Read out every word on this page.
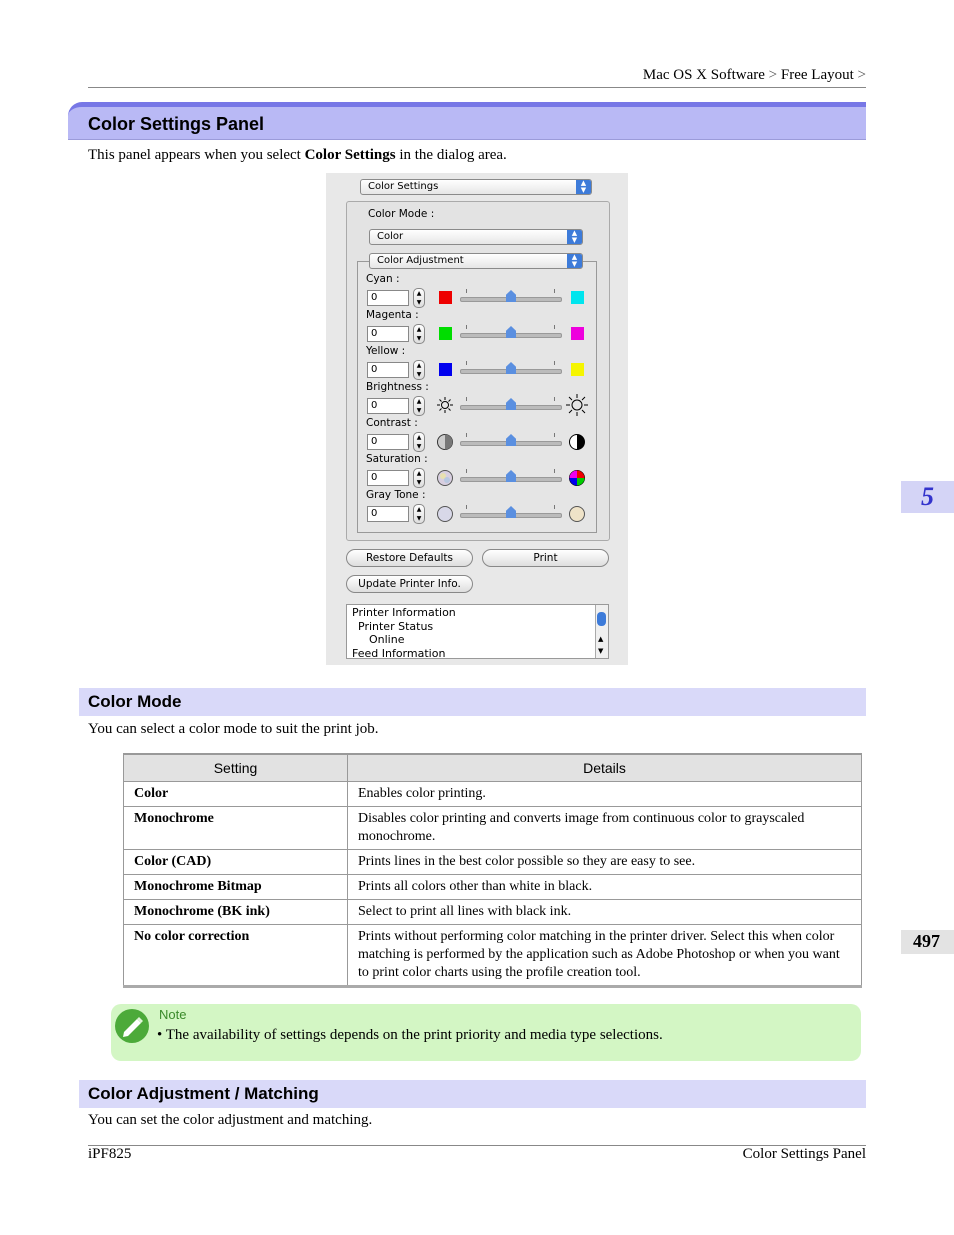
Mac OS X Software > Free Layout >
Color Settings Panel
This panel appears when you select Color Settings in the dialog area.
Color Settings	▲
▼
Color Mode :
Color	▲
▼
Color Adjustment	▲
▼
Cyan :
0	▲
▼
Magenta :
0	▲
▼
Yellow :
0	▲
▼
Brightness :
0	▲
▼
Contrast :
0	▲
▼
Saturation :
0	▲
▼
Gray Tone :
0	▲
▼
Restore Defaults	Print
Update Printer Info.
Printer Information
Printer Status
Online
Feed Information
▲
▼
Color Mode
You can select a color mode to suit the print job.
Setting	Details
Color	Enables color printing.
Monochrome	Disables color printing and converts image from continuous color to grayscaled monochrome.
Color (CAD)	Prints lines in the best color possible so they are easy to see.
Monochrome Bitmap	Prints all colors other than white in black.
Monochrome (BK ink)	Select to print all lines with black ink.
No color correction	Prints without performing color matching in the printer driver. Select this when color matching is performed by the application such as Adobe Photoshop or when you want to print color charts using the profile creation tool.
Note
• The availability of settings depends on the print priority and media type selections.
Color Adjustment / Matching
You can set the color adjustment and matching.
5
497
iPF825	Color Settings Panel
